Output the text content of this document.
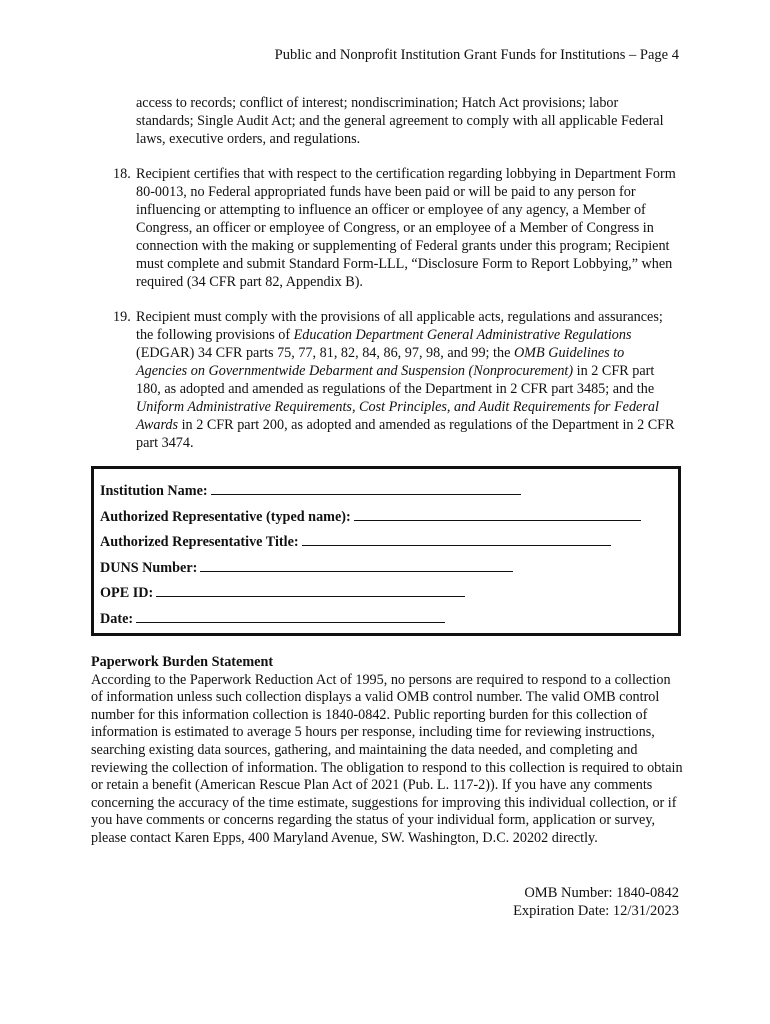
Public and Nonprofit Institution Grant Funds for Institutions – Page 4
access to records; conflict of interest; nondiscrimination; Hatch Act provisions; labor standards; Single Audit Act; and the general agreement to comply with all applicable Federal laws, executive orders, and regulations.
18. Recipient certifies that with respect to the certification regarding lobbying in Department Form 80-0013, no Federal appropriated funds have been paid or will be paid to any person for influencing or attempting to influence an officer or employee of any agency, a Member of Congress, an officer or employee of Congress, or an employee of a Member of Congress in connection with the making or supplementing of Federal grants under this program; Recipient must complete and submit Standard Form-LLL, “Disclosure Form to Report Lobbying,” when required (34 CFR part 82, Appendix B).
19. Recipient must comply with the provisions of all applicable acts, regulations and assurances; the following provisions of Education Department General Administrative Regulations (EDGAR) 34 CFR parts 75, 77, 81, 82, 84, 86, 97, 98, and 99; the OMB Guidelines to Agencies on Governmentwide Debarment and Suspension (Nonprocurement) in 2 CFR part 180, as adopted and amended as regulations of the Department in 2 CFR part 3485; and the Uniform Administrative Requirements, Cost Principles, and Audit Requirements for Federal Awards in 2 CFR part 200, as adopted and amended as regulations of the Department in 2 CFR part 3474.
Institution Name:
Authorized Representative (typed name):
Authorized Representative Title:
DUNS Number:
OPE ID:
Date:
Paperwork Burden Statement

According to the Paperwork Reduction Act of 1995, no persons are required to respond to a collection of information unless such collection displays a valid OMB control number. The valid OMB control number for this information collection is 1840-0842. Public reporting burden for this collection of information is estimated to average 5 hours per response, including time for reviewing instructions, searching existing data sources, gathering, and maintaining the data needed, and completing and reviewing the collection of information. The obligation to respond to this collection is required to obtain or retain a benefit (American Rescue Plan Act of 2021 (Pub. L. 117-2)). If you have any comments concerning the accuracy of the time estimate, suggestions for improving this individual collection, or if you have comments or concerns regarding the status of your individual form, application or survey, please contact Karen Epps, 400 Maryland Avenue, SW. Washington, D.C. 20202 directly.

OMB Number: 1840-0842
Expiration Date: 12/31/2023
